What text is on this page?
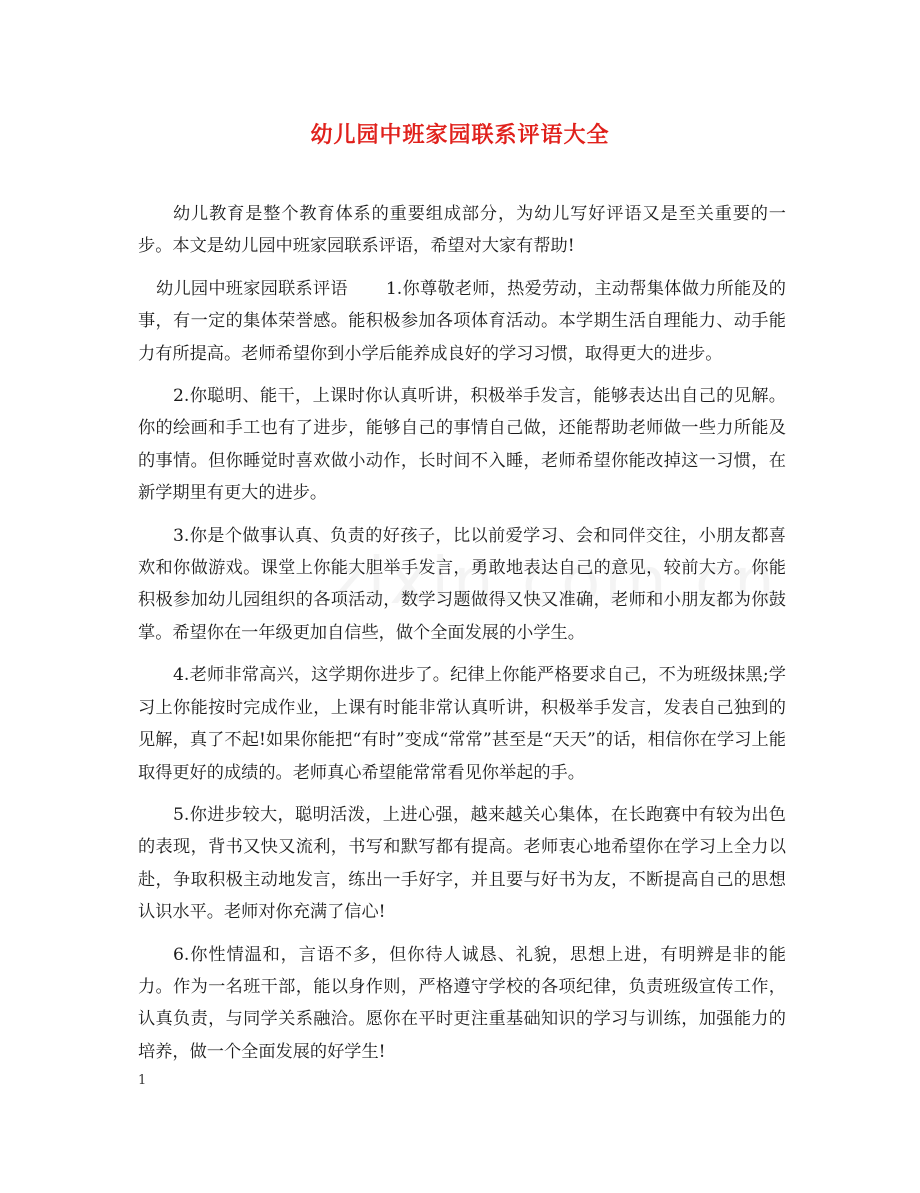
幼儿园中班家园联系评语大全

幼儿教育是整个教育体系的重要组成部分，为幼儿写好评语又是至关重要的一步。本文是幼儿园中班家园联系评语，希望对大家有帮助!

幼儿园中班家园联系评语 1.你尊敬老师，热爱劳动，主动帮集体做力所能及的事，有一定的集体荣誉感。能积极参加各项体育活动。本学期生活自理能力、动手能力有所提高。老师希望你到小学后能养成良好的学习习惯，取得更大的进步。

2.你聪明、能干，上课时你认真听讲，积极举手发言，能够表达出自己的见解。你的绘画和手工也有了进步，能够自己的事情自己做，还能帮助老师做一些力所能及的事情。但你睡觉时喜欢做小动作，长时间不入睡，老师希望你能改掉这一习惯，在新学期里有更大的进步。

3.你是个做事认真、负责的好孩子，比以前爱学习、会和同伴交往，小朋友都喜欢和你做游戏。课堂上你能大胆举手发言，勇敢地表达自己的意见，较前大方。你能积极参加幼儿园组织的各项活动，数学习题做得又快又准确，老师和小朋友都为你鼓掌。希望你在一年级更加自信些，做个全面发展的小学生。

4.老师非常高兴，这学期你进步了。纪律上你能严格要求自己，不为班级抹黑;学习上你能按时完成作业，上课有时能非常认真听讲，积极举手发言，发表自己独到的见解，真了不起!如果你能把“有时”变成“常常”甚至是“天天”的话，相信你在学习上能取得更好的成绩的。老师真心希望能常常看见你举起的手。

5.你进步较大，聪明活泼，上进心强，越来越关心集体，在长跑赛中有较为出色的表现，背书又快又流利，书写和默写都有提高。老师衷心地希望你在学习上全力以赴，争取积极主动地发言，练出一手好字，并且要与好书为友，不断提高自己的思想认识水平。老师对你充满了信心!

6.你性情温和，言语不多，但你待人诚恳、礼貌，思想上进，有明辨是非的能力。作为一名班干部，能以身作则，严格遵守学校的各项纪律，负责班级宣传工作，认真负责，与同学关系融洽。愿你在平时更注重基础知识的学习与训练，加强能力的培养，做一个全面发展的好学生!

1
